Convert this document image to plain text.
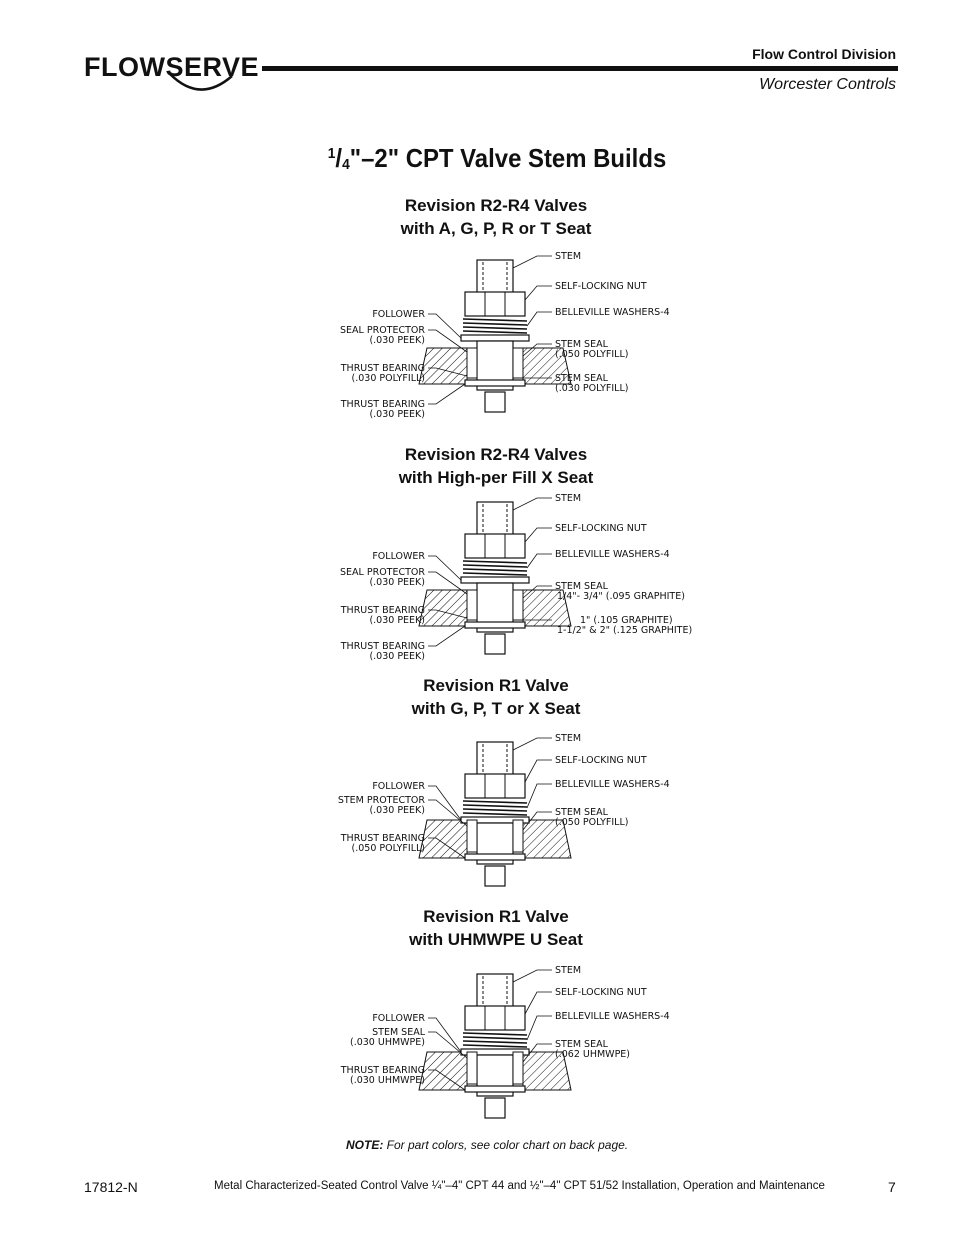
FLOWSERVE	Flow Control Division
Worcester Controls
$^1/_4"-2$" CPT Valve Stem Builds
Revision R2-R4 Valves
with A, G, P, R or T Seat
Revision R2-R4 Valves
with High-per Fill X Seat
Revision R1 Valve
with G, P, T or X Seat
Revision R1 Valve
with UHMWPE U Seat
STEM
SELF-LOCKING NUT
BELLEVILLE WASHERS-4
STEM SEAL
(.050 POLYFILL)
STEM SEAL
(.030 POLYFILL)
FOLLOWER
SEAL PROTECTOR
(.030 PEEK)
THRUST BEARING
(.030 POLYFILL)
THRUST BEARING
(.030 PEEK)
STEM
SELF-LOCKING NUT
BELLEVILLE WASHERS-4
STEM SEAL
1/4"- 3/4" (.095 GRAPHITE)
1" (.105 GRAPHITE)
1-1/2" & 2" (.125 GRAPHITE)
FOLLOWER
SEAL PROTECTOR
(.030 PEEK)
THRUST BEARING
(.030 PEEK)
THRUST BEARING
(.030 PEEK)
STEM
SELF-LOCKING NUT
BELLEVILLE WASHERS-4
STEM SEAL
(.050 POLYFILL)
FOLLOWER
STEM PROTECTOR
(.030 PEEK)
THRUST BEARING
(.050 POLYFILL)
STEM
SELF-LOCKING NUT
BELLEVILLE WASHERS-4
STEM SEAL
(.062 UHMWPE)
FOLLOWER
STEM SEAL
(.030 UHMWPE)
THRUST BEARING
(.030 UHMWPE)
NOTE: For part colors, see color chart on back page.
17812-N	Metal Characterized-Seated Control Valve ¼"–4" CPT 44 and ½"–4" CPT 51/52 Installation, Operation and Maintenance	7
